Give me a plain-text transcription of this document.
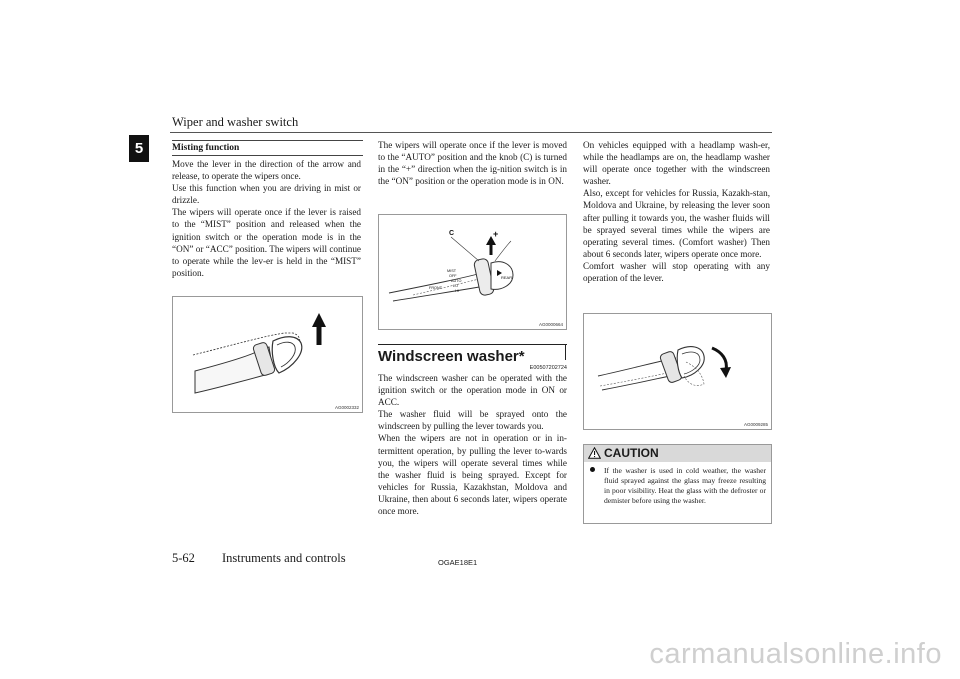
Wiper and washer switch
5	Misting function

Move the lever in the direction of the arrow and release, to operate the wipers once.

Use this function when you are driving in mist or drizzle.

The wipers will operate once if the lever is raised to the “MIST” position and released when the ignition switch or the operation mode is in the “ON” or “ACC” position. The wipers will continue to operate while the lev-er is held in the “MIST” position.

AG0002332

The wipers will operate once if the lever is moved to the “AUTO” position and the knob (C) is turned in the “+” direction when the ig-nition switch is in the “ON” position or the operation mode is in ON.

C	+
MIST
OFF
AUTO
LO
HI
FRONT
REAR
AG0000664
Windscreen washer*
E00507202724

The windscreen washer can be operated with the ignition switch or the operation mode in ON or ACC.

The washer fluid will be sprayed onto the windscreen by pulling the lever towards you.

When the wipers are not in operation or in in-termittent operation, by pulling the lever to-wards you, the wipers will operate several times while the washer fluid is being sprayed. Except for vehicles for Russia, Kazakhstan, Moldova and Ukraine, then about 6 seconds later, wipers operate once more.

On vehicles equipped with a headlamp wash-er, while the headlamps are on, the headlamp washer will operate once together with the windscreen washer.

Also, except for vehicles for Russia, Kazakh-stan, Moldova and Ukraine, by releasing the lever soon after pulling it towards you, the washer fluids will be sprayed several times while the wipers are operating several times. (Comfort washer) Then about 6 seconds later, wipers operate once more.

Comfort washer will stop operating with any operation of the lever.

AG0009285
CAUTION
If the washer is used in cold weather, the washer fluid sprayed against the glass may freeze resulting in poor visibility. Heat the glass with the defroster or demister before using the washer.
5-62 Instruments and controls	OGAE18E1
carmanualsonline.info
